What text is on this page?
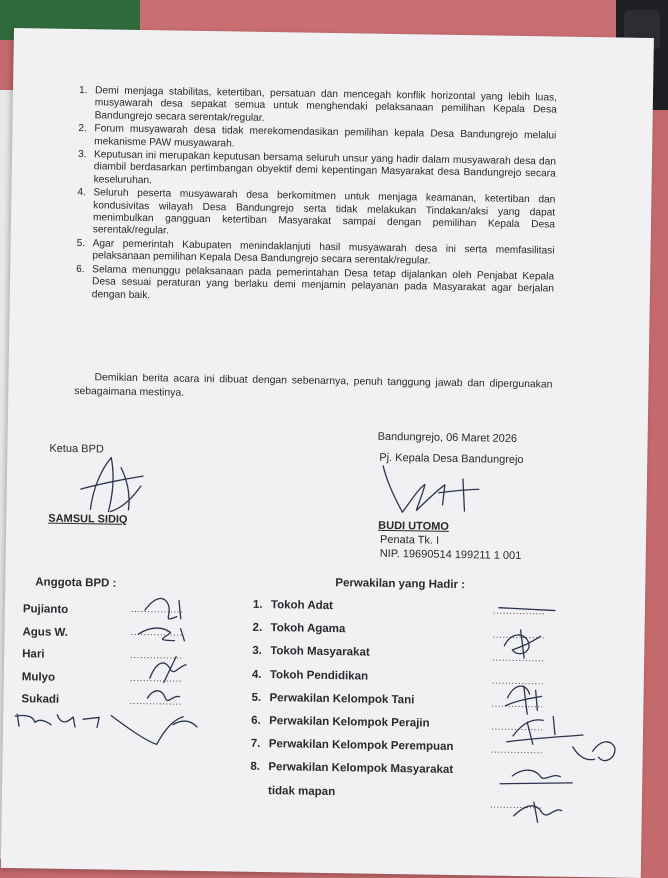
1. Demi menjaga stabilitas, ketertiban, persatuan dan mencegah konflik horizontal yang lebih luas, musyawarah desa sepakat semua untuk menghendaki pelaksanaan pemilihan Kepala Desa Bandungrejo secara serentak/regular.
2. Forum musyawarah desa tidak merekomendasikan pemilihan kepala Desa Bandungrejo melalui mekanisme PAW musyawarah.
3. Keputusan ini merupakan keputusan bersama seluruh unsur yang hadir dalam musyawarah desa dan diambil berdasarkan pertimbangan obyektif demi kepentingan Masyarakat desa Bandungrejo secara keseluruhan.
4. Seluruh peserta musyawarah desa berkomitmen untuk menjaga keamanan, ketertiban dan kondusivitas wilayah Desa Bandungrejo serta tidak melakukan Tindakan/aksi yang dapat menimbulkan gangguan ketertiban Masyarakat sampai dengan pemilihan Kepala Desa serentak/regular.
5. Agar pemerintah Kabupaten menindaklanjuti hasil musyawarah desa ini serta memfasilitasi pelaksanaan pemilihan Kepala Desa Bandungrejo secara serentak/regular.
6. Selama menunggu pelaksanaan pada pemerintahan Desa tetap dijalankan oleh Penjabat Kepala Desa sesuai peraturan yang berlaku demi menjamin pelayanan pada Masyarakat agar berjalan dengan baik.
Demikian berita acara ini dibuat dengan sebenarnya, penuh tanggung jawab dan dipergunakan sebagaimana mestinya.
Bandungrejo, 06 Maret 2026
Ketua BPD
Pj. Kepala Desa Bandungrejo
SAMSUL SIDIQ
BUDI UTOMO
Penata Tk. I
NIP. 19690514 199211 1 001
Anggota BPD :
Pujianto
Agus W.
Hari
Mulyo
Sukadi
................
................
................
................
................
Perwakilan yang Hadir :
1. Tokoh Adat
2. Tokoh Agama
3. Tokoh Masyarakat
4. Tokoh Pendidikan
5. Perwakilan Kelompok Tani
6. Perwakilan Kelompok Perajin
7. Perwakilan Kelompok Perempuan
8. Perwakilan Kelompok Masyarakat
tidak mapan
................
................
................
................
................
................
................
................
